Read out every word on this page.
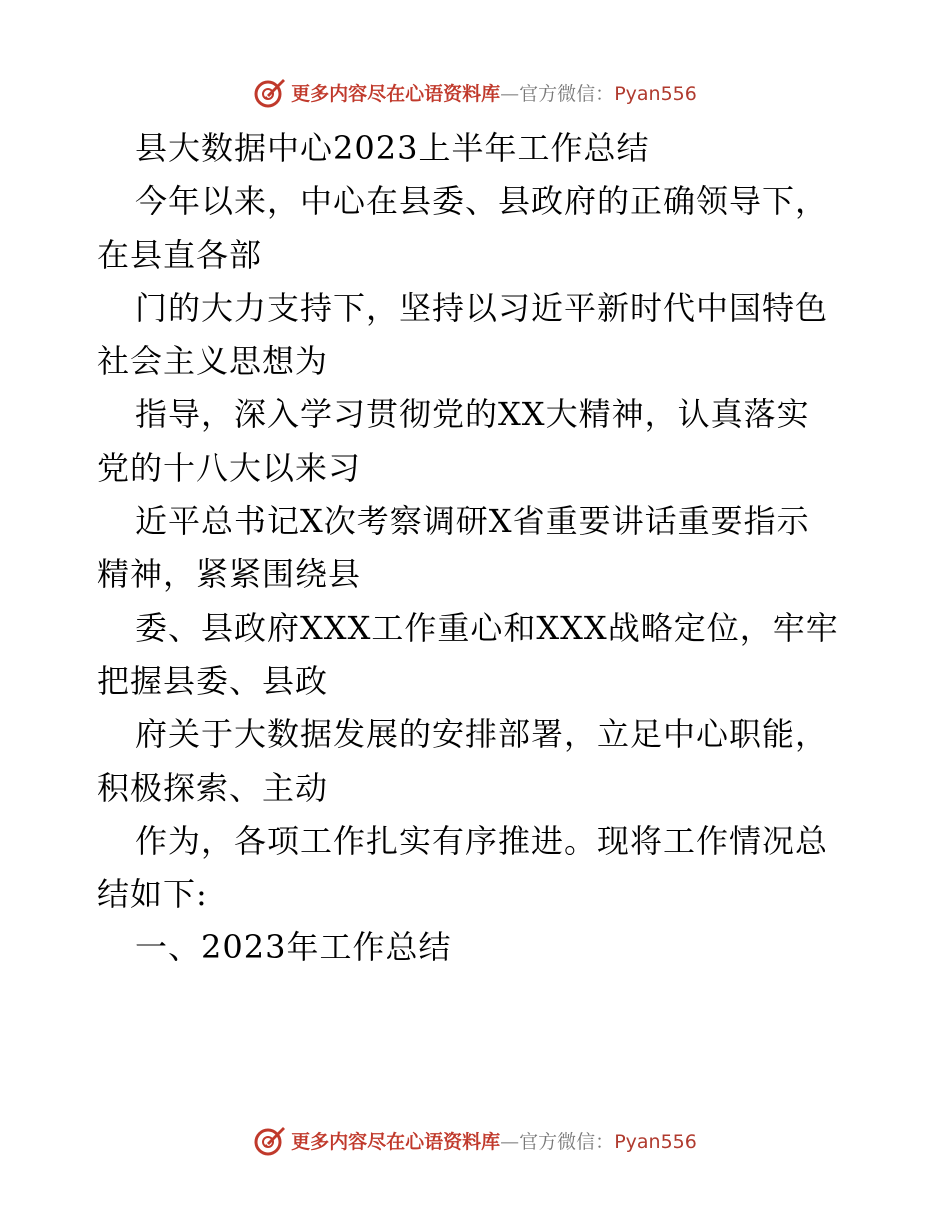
更多内容尽在心语资料库—官方微信：Pyan556
县大数据中心2023上半年工作总结
今年以来，中心在县委、县政府的正确领导下，
在县直各部
门的大力支持下，坚持以习近平新时代中国特色
社会主义思想为
指导，深入学习贯彻党的XX大精神，认真落实
党的十八大以来习
近平总书记X次考察调研X省重要讲话重要指示
精神，紧紧围绕县
委、县政府XXX工作重心和XXX战略定位，牢牢
把握县委、县政
府关于大数据发展的安排部署，立足中心职能，
积极探索、主动
作为，各项工作扎实有序推进。现将工作情况总
结如下:
一、2023年工作总结
更多内容尽在心语资料库—官方微信：Pyan556
